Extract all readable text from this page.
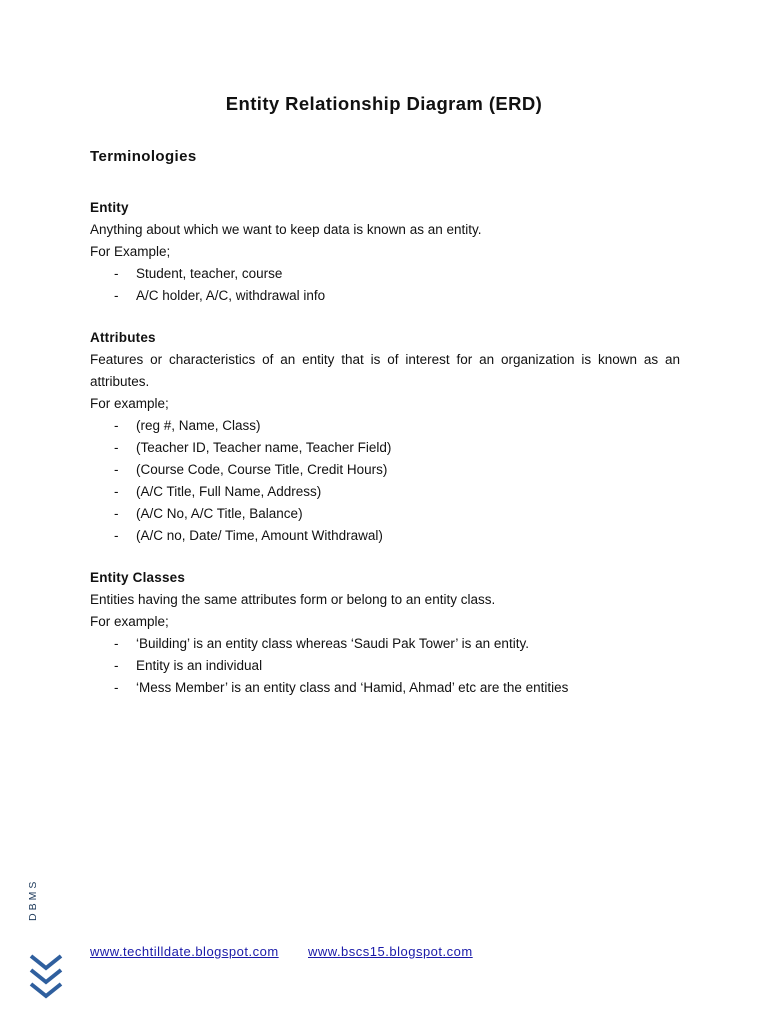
Entity Relationship Diagram (ERD)
Terminologies

Entity

Anything about which we want to keep data is known as an entity.

For Example;

- Student, teacher, course
- A/C holder, A/C, withdrawal info

Attributes

Features or characteristics of an entity that is of interest for an organization is known as an attributes.

For example;

- (reg #, Name, Class)
- (Teacher ID, Teacher name, Teacher Field)
- (Course Code, Course Title, Credit Hours)
- (A/C Title, Full Name, Address)
- (A/C No, A/C Title, Balance)
- (A/C no, Date/ Time, Amount Withdrawal)

Entity Classes

Entities having the same attributes form or belong to an entity class.

For example;

- ‘Building’ is an entity class whereas ‘Saudi Pak Tower’ is an entity.
- Entity is an individual
- ‘Mess Member’ is an entity class and ‘Hamid, Ahmad’ etc are the entities
DBMS
www.techtilldate.blogspot.com www.bscs15.blogspot.com
